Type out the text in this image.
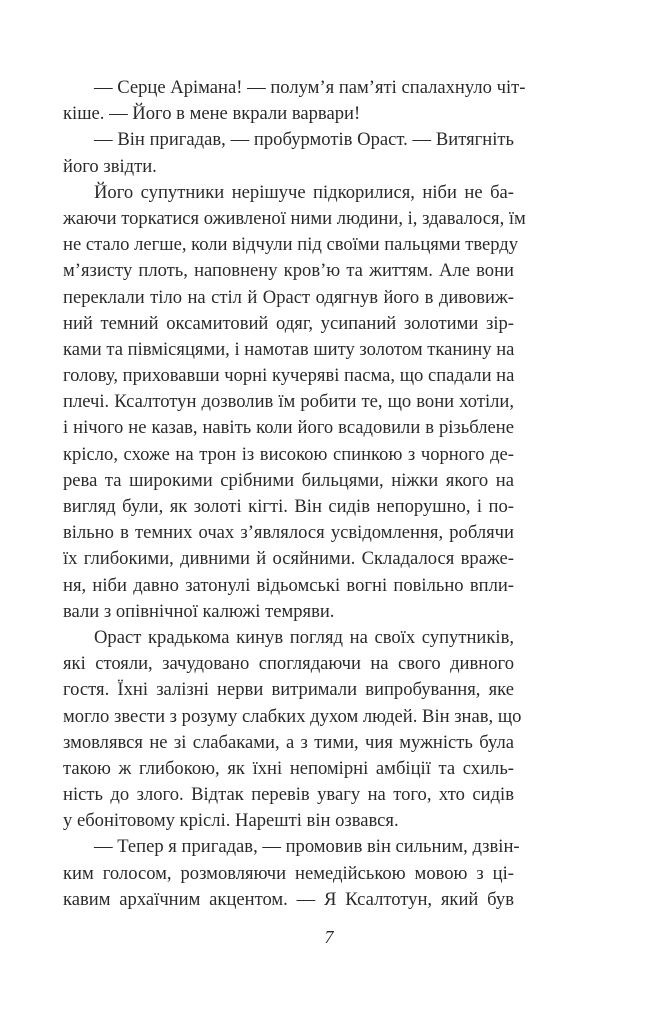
— Серце Арімана! — полум’я пам’яті спалахнуло чіт-
кіше. — Його в мене вкрали варвари!
— Він пригадав, — пробурмотів Ораст. — Витягніть
його звідти.
Його супутники нерішуче підкорилися, ніби не ба-
жаючи торкатися оживленої ними людини, і, здавалося, їм
не стало легше, коли відчули під своїми пальцями тверду
м’язисту плоть, наповнену кров’ю та життям. Але вони
переклали тіло на стіл й Ораст одягнув його в дивовиж-
ний темний оксамитовий одяг, усипаний золотими зір-
ками та півмісяцями, і намотав шиту золотом тканину на
голову, приховавши чорні кучеряві пасма, що спадали на
плечі. Ксалтотун дозволив їм робити те, що вони хотіли,
і нічого не казав, навіть коли його всадовили в різьблене
крісло, схоже на трон із високою спинкою з чорного де-
рева та широкими срібними бильцями, ніжки якого на
вигляд були, як золоті кігті. Він сидів непорушно, і по-
вільно в темних очах з’являлося усвідомлення, роблячи
їх глибокими, дивними й осяйними. Складалося враже-
ня, ніби давно затонулі відьомські вогні повільно впли-
вали з опівнічної калюжі темряви.
Ораст крадькома кинув погляд на своїх супутників,
які стояли, зачудовано споглядаючи на свого дивного
гостя. Їхні залізні нерви витримали випробування, яке
могло звести з розуму слабких духом людей. Він знав, що
змовлявся не зі слабаками, а з тими, чия мужність була
такою ж глибокою, як їхні непомірні амбіції та схиль-
ність до злого. Відтак перевів увагу на того, хто сидів
у ебонітовому кріслі. Нарешті він озвався.
— Тепер я пригадав, — промовив він сильним, дзвін-
ким голосом, розмовляючи немедійською мовою з ці-
кавим архаїчним акцентом. — Я Ксалтотун, який був
7
